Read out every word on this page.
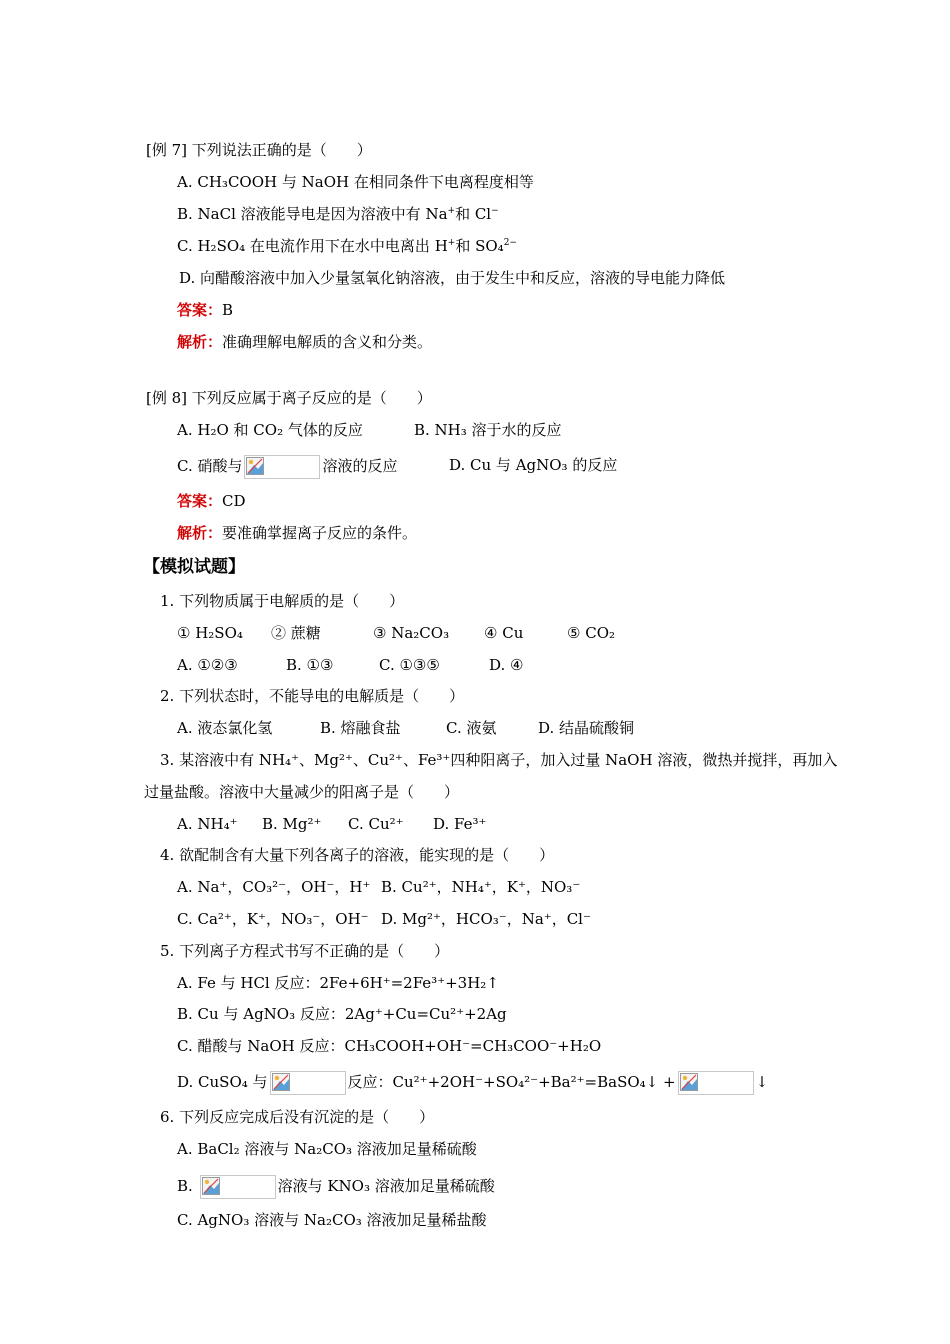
[例 7] 下列说法正确的是（　　）
A. CH₃COOH 与 NaOH 在相同条件下电离程度相等
B. NaCl 溶液能导电是因为溶液中有 Na+和 Cl−
C. H₂SO₄ 在电流作用下在水中电离出 H+和 SO₄$^{2-}$
D. 向醋酸溶液中加入少量氢氧化钠溶液，由于发生中和反应，溶液的导电能力降低
答案：B
解析：准确理解电解质的含义和分类。
[例 8] 下列反应属于离子反应的是（　　）
A. H₂O 和 CO₂ 气体的反应	B. NH₃ 溶于水的反应
C. 硝酸与	溶液的反应	D. Cu 与 AgNO₃ 的反应
答案：CD
解析：要准确掌握离子反应的条件。
【模拟试题】
1. 下列物质属于电解质的是（　　）
① H₂SO₄ ② 蔗糖	③ Na₂CO₃ ④ Cu	⑤ CO₂
A. ①②③	B. ①③	C. ①③⑤	D. ④
2. 下列状态时，不能导电的电解质是（　　）
A. 液态氯化氢	B. 熔融食盐	C. 液氨	D. 结晶硫酸铜
3. 某溶液中有 NH₄⁺、Mg²⁺、Cu²⁺、Fe³⁺四种阳离子，加入过量 NaOH 溶液，微热并搅拌，再加入
过量盐酸。溶液中大量减少的阳离子是（　　）
A. NH₄⁺ B. Mg²⁺ C. Cu²⁺ D. Fe³⁺
4. 欲配制含有大量下列各离子的溶液，能实现的是（　　）
A. Na⁺，CO₃²⁻，OH⁻，H⁺ B. Cu²⁺，NH₄⁺，K⁺，NO₃⁻
C. Ca²⁺，K⁺，NO₃⁻，OH⁻ D. Mg²⁺，HCO₃⁻，Na⁺，Cl⁻
5. 下列离子方程式书写不正确的是（　　）
A. Fe 与 HCl 反应：2Fe+6H⁺=2Fe³⁺+3H₂↑
B. Cu 与 AgNO₃ 反应：2Ag⁺+Cu=Cu²⁺+2Ag
C. 醋酸与 NaOH 反应：CH₃COOH+OH⁻=CH₃COO⁻+H₂O
D. CuSO₄ 与	反应：Cu²⁺+2OH⁻+SO₄²⁻+Ba²⁺=BaSO₄↓ +	↓
6. 下列反应完成后没有沉淀的是（　　）
A. BaCl₂ 溶液与 Na₂CO₃ 溶液加足量稀硫酸
B.	溶液与 KNO₃ 溶液加足量稀硫酸
C. AgNO₃ 溶液与 Na₂CO₃ 溶液加足量稀盐酸
